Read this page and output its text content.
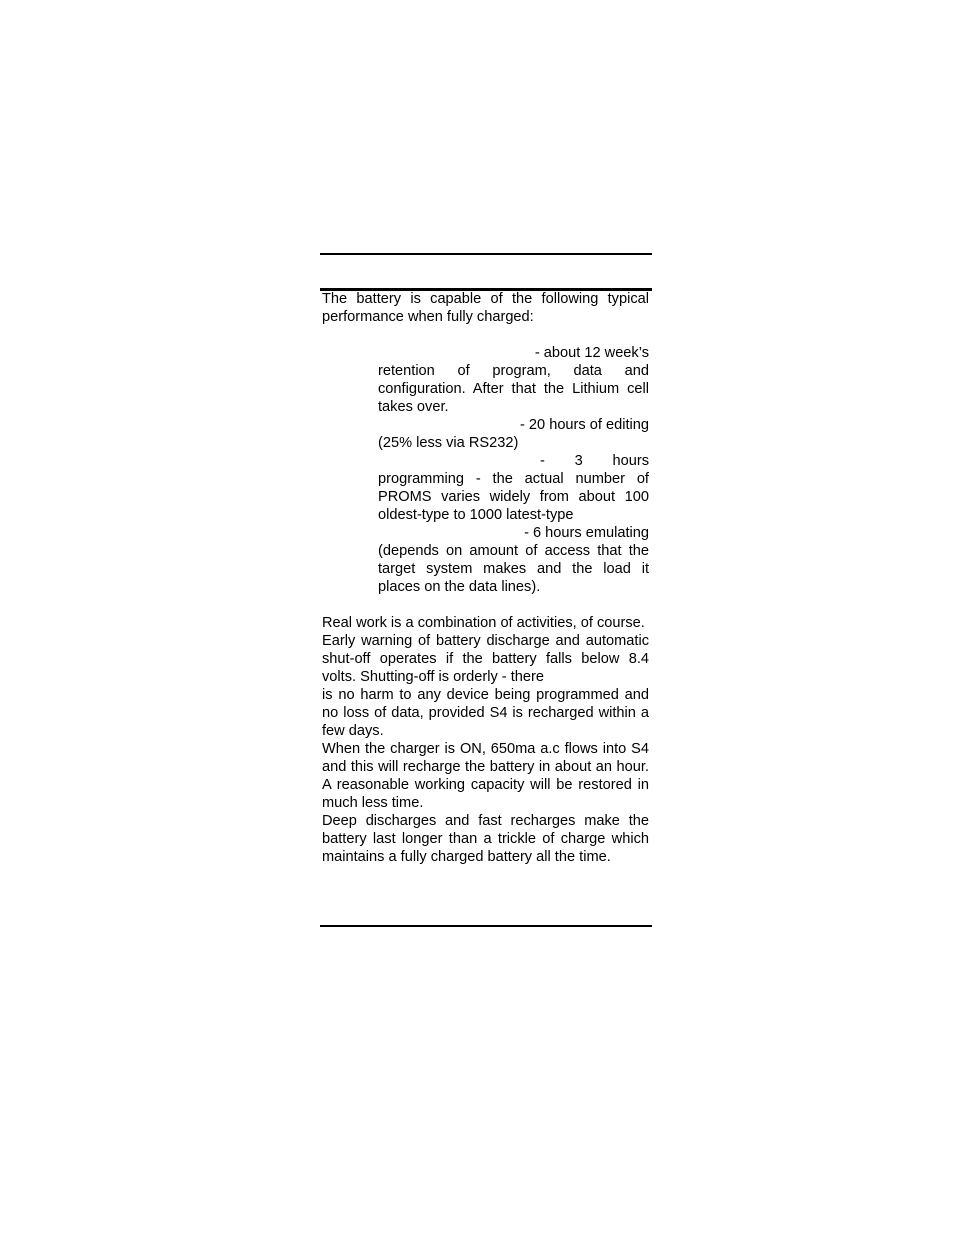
The battery is capable of the following typical performance when fully charged:

- about 12 week’s
retention of program, data and configuration. After that the Lithium cell takes over.
- 20 hours of editing
(25% less via RS232)
- 3 hours
programming - the actual number of PROMS varies widely from about 100 oldest-type to 1000 latest-type
- 6 hours emulating
(depends on amount of access that the target system makes and the load it places on the data lines).

Real work is a combination of activities, of course.

Early warning of battery discharge and automatic shut-off operates if the battery falls below 8.4 volts. Shutting-off is orderly - there

is no harm to any device being programmed and no loss of data, provided S4 is recharged within a few days.

When the charger is ON, 650ma a.c flows into S4 and this will recharge the battery in about an hour. A reasonable working capacity will be restored in much less time.

Deep discharges and fast recharges make the battery last longer than a trickle of charge which maintains a fully charged battery all the time.
